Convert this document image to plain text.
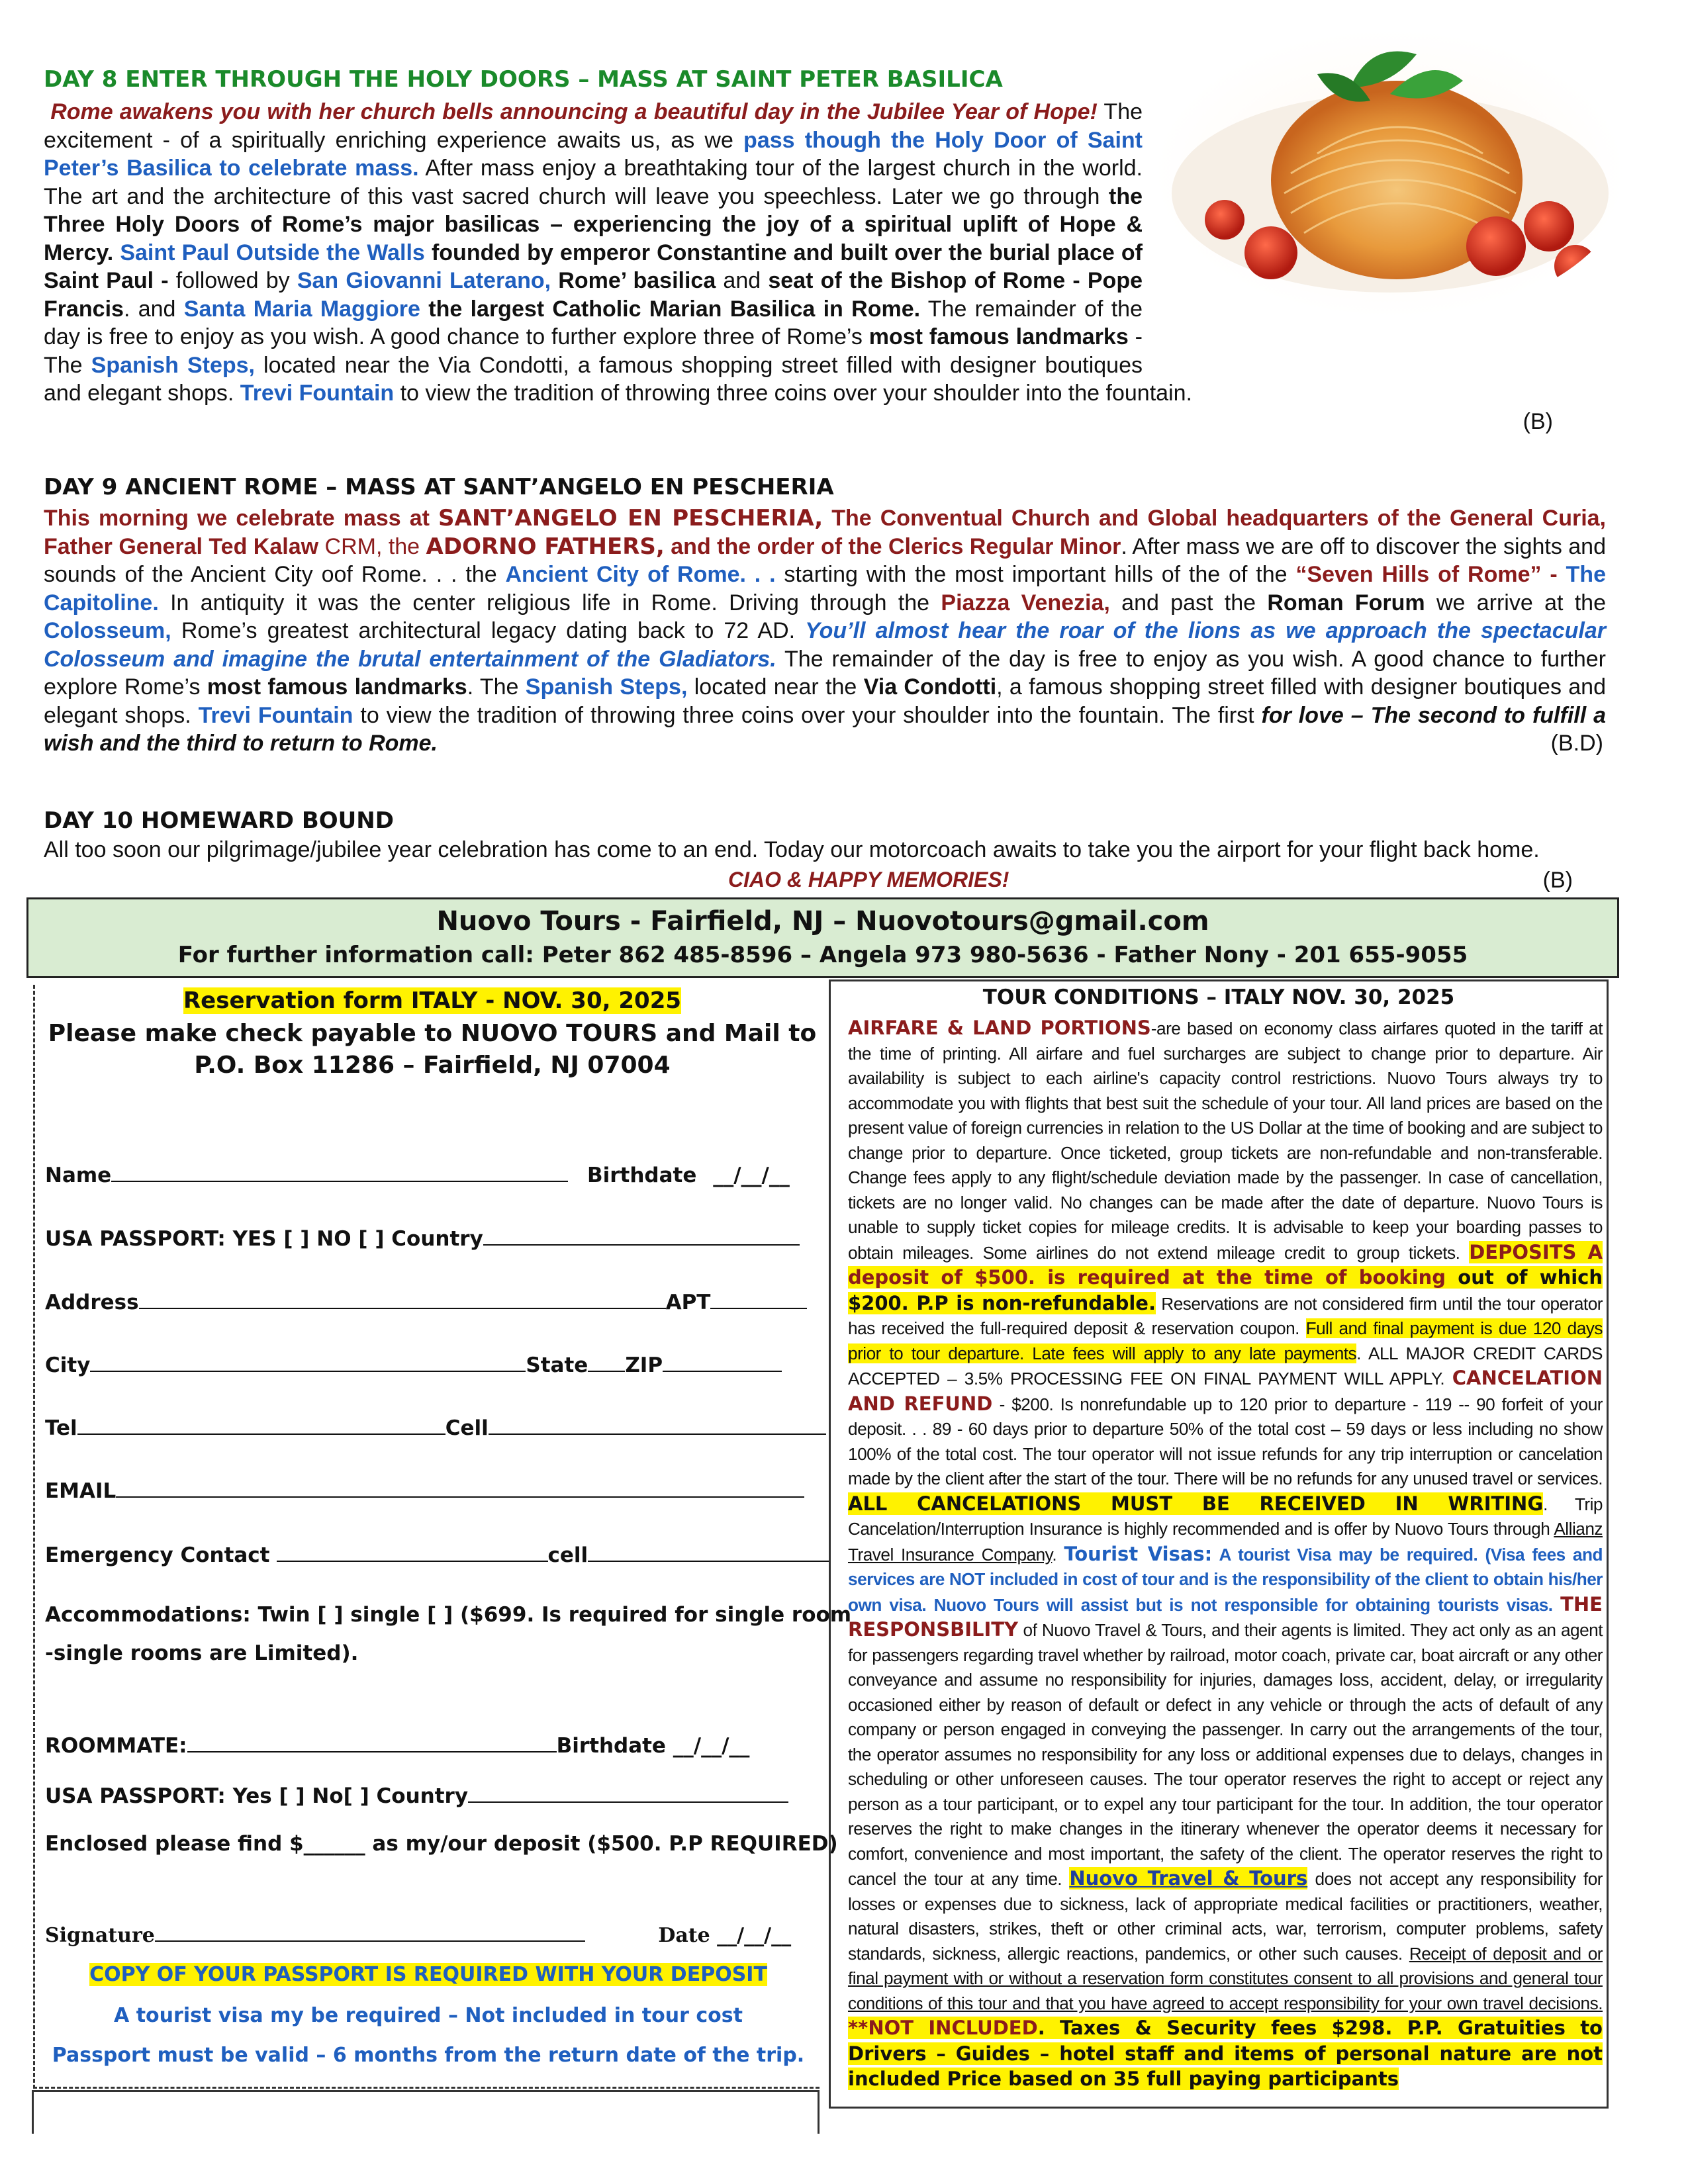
DAY 8 ENTER THROUGH THE HOLY DOORS – MASS AT SAINT PETER BASILICA

Rome awakens you with her church bells announcing a beautiful day in the Jubilee Year of Hope! The excitement - of a spiritually enriching experience awaits us, as we pass though the Holy Door of Saint Peter’s Basilica to celebrate mass. After mass enjoy a breathtaking tour of the largest church in the world. The art and the architecture of this vast sacred church will leave you speechless. Later we go through the Three Holy Doors of Rome’s major basilicas – experiencing the joy of a spiritual uplift of Hope & Mercy. Saint Paul Outside the Walls founded by emperor Constantine and built over the burial place of Saint Paul - followed by San Giovanni Laterano, Rome’ basilica and seat of the Bishop of Rome - Pope Francis. and Santa Maria Maggiore the largest Catholic Marian Basilica in Rome. The remainder of the day is free to enjoy as you wish. A good chance to further explore three of Rome’s most famous landmarks - The Spanish Steps, located near the Via Condotti, a famous shopping street filled with designer boutiques and elegant shops. Trevi Fountain to view the tradition of throwing three coins over your shoulder into the fountain.
(B)

DAY 9 ANCIENT ROME – MASS AT SANT’ANGELO EN PESCHERIA

This morning we celebrate mass at SANT’ANGELO EN PESCHERIA, The Conventual Church and Global headquarters of the General Curia, Father General Ted Kalaw CRM, the ADORNO FATHERS, and the order of the Clerics Regular Minor. After mass we are off to discover the sights and sounds of the Ancient City oof Rome. . . the Ancient City of Rome. . . starting with the most important hills of the of the “Seven Hills of Rome” - The Capitoline. In antiquity it was the center religious life in Rome. Driving through the Piazza Venezia, and past the Roman Forum we arrive at the Colosseum, Rome’s greatest architectural legacy dating back to 72 AD. You’ll almost hear the roar of the lions as we approach the spectacular Colosseum and imagine the brutal entertainment of the Gladiators. The remainder of the day is free to enjoy as you wish. A good chance to further explore Rome’s most famous landmarks. The Spanish Steps, located near the Via Condotti, a famous shopping street filled with designer boutiques and elegant shops. Trevi Fountain to view the tradition of throwing three coins over your shoulder into the fountain. The first for love – The second to fulfill a wish and the third to return to Rome.	(B.D)

DAY 10 HOMEWARD BOUND

All too soon our pilgrimage/jubilee year celebration has come to an end. Today our motorcoach awaits to take you the airport for your flight back home.

CIAO & HAPPY MEMORIES!	(B)
Nuovo Tours - Fairfield, NJ – Nuovotours@gmail.com
For further information call: Peter 862 485-8596 – Angela 973 980-5636 - Father Nony - 201 655-9055
Reservation form ITALY - NOV. 30, 2025
Please make check payable to NUOVO TOURS and Mail to
P.O. Box 11286 – Fairfield, NJ 07004
Name	Birthdate __/__/__
USA PASSPORT: YES [ ] NO [ ] Country
Address	APT
City	State ZIP
Tel	Cell
EMAIL
Emergency Contact	cell
Accommodations: Twin [ ] single [ ] ($699. Is required for single room
-single rooms are Limited).
ROOMMATE:	Birthdate __/__/__
USA PASSPORT: Yes [ ] No[ ] Country
Enclosed please find $______ as my/our deposit ($500. P.P REQUIRED)
Signature	Date __/__/__
COPY OF YOUR PASSPORT IS REQUIRED WITH YOUR DEPOSIT
A tourist visa my be required – Not included in tour cost
Passport must be valid – 6 months from the return date of the trip.
TOUR CONDITIONS – ITALY NOV. 30, 2025
AIRFARE & LAND PORTIONS-are based on economy class airfares quoted in the tariff at the time of printing. All airfare and fuel surcharges are subject to change prior to departure. Air availability is subject to each airline's capacity control restrictions. Nuovo Tours always try to accommodate you with flights that best suit the schedule of your tour. All land prices are based on the present value of foreign currencies in relation to the US Dollar at the time of booking and are subject to change prior to departure. Once ticketed, group tickets are non-refundable and non-transferable. Change fees apply to any flight/schedule deviation made by the passenger. In case of cancellation, tickets are no longer valid. No changes can be made after the date of departure. Nuovo Tours is unable to supply ticket copies for mileage credits. It is advisable to keep your boarding passes to obtain mileages. Some airlines do not extend mileage credit to group tickets. DEPOSITS A deposit of $500. is required at the time of booking out of which $200. P.P is non-refundable. Reservations are not considered firm until the tour operator has received the full-required deposit & reservation coupon. Full and final payment is due 120 days prior to tour departure. Late fees will apply to any late payments. ALL MAJOR CREDIT CARDS ACCEPTED – 3.5% PROCESSING FEE ON FINAL PAYMENT WILL APPLY. CANCELATION AND REFUND - $200. Is nonrefundable up to 120 prior to departure - 119 -- 90 forfeit of your deposit. . . 89 - 60 days prior to departure 50% of the total cost – 59 days or less including no show 100% of the total cost. The tour operator will not issue refunds for any trip interruption or cancelation made by the client after the start of the tour. There will be no refunds for any unused travel or services. ALL CANCELATIONS MUST BE RECEIVED IN WRITING. Trip Cancelation/Interruption Insurance is highly recommended and is offer by Nuovo Tours through Allianz Travel Insurance Company. Tourist Visas: A tourist Visa may be required. (Visa fees and services are NOT included in cost of tour and is the responsibility of the client to obtain his/her own visa. Nuovo Tours will assist but is not responsible for obtaining tourists visas. THE RESPONSBILITY of Nuovo Travel & Tours, and their agents is limited. They act only as an agent for passengers regarding travel whether by railroad, motor coach, private car, boat aircraft or any other conveyance and assume no responsibility for injuries, damages loss, accident, delay, or irregularity occasioned either by reason of default or defect in any vehicle or through the acts of default of any company or person engaged in conveying the passenger. In carry out the arrangements of the tour, the operator assumes no responsibility for any loss or additional expenses due to delays, changes in scheduling or other unforeseen causes. The tour operator reserves the right to accept or reject any person as a tour participant, or to expel any tour participant for the tour. In addition, the tour operator reserves the right to make changes in the itinerary whenever the operator deems it necessary for comfort, convenience and most important, the safety of the client. The operator reserves the right to cancel the tour at any time. Nuovo Travel & Tours does not accept any responsibility for losses or expenses due to sickness, lack of appropriate medical facilities or practitioners, weather, natural disasters, strikes, theft or other criminal acts, war, terrorism, computer problems, safety standards, sickness, allergic reactions, pandemics, or other such causes. Receipt of deposit and or final payment with or without a reservation form constitutes consent to all provisions and general tour conditions of this tour and that you have agreed to accept responsibility for your own travel decisions. **NOT INCLUDED. Taxes & Security fees $298. P.P. Gratuities to Drivers – Guides – hotel staff and items of personal nature are not included Price based on 35 full paying participants
